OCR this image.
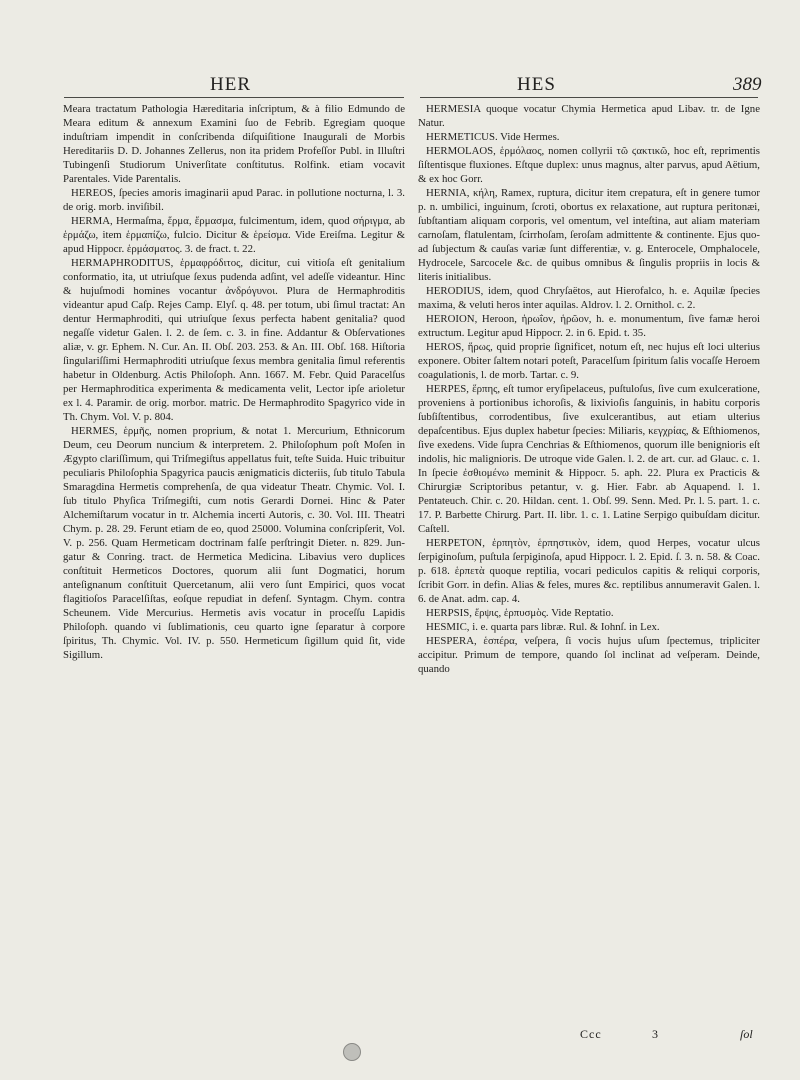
HER	HES	389

Meara tractatum Pathologia Hæreditaria inſcriptum, & à filio Edmundo de Meara editum & annexum Examini ſuo de Febrib. Egregiam quoque induſtriam impendit in conſcribenda diſquiſitione Inaugurali de Morbis Hereditariis D. D. Johannes Zellerus, non ita pridem Profeſſor Publ. in Illuſtri Tubingenſi Studiorum Univerſitate conſtitutus. Rolfink. etiam vocavit Parentales. Vide Parentalis.

HEREOS, ſpecies amoris imaginarii apud Parac. in pollutione nocturna, l. 3. de orig. morb. inviſibil.

HERMA, Hermaſma, ἕρμα, ἕρμασμα, fulcimentum, idem, quod σήριγμα, ab ἑρμάζω, item ἑρμαπίζω, fulcio. Dicitur & ἑρείσμα. Vide Ereiſma. Legitur & apud Hippocr. ἑρμάσματος. 3. de fract. t. 22.

HERMAPHRODITUS, ἑρμαφρόδιτος, dicitur, cui vitioſa eſt genitalium conformatio, ita, ut utriuſque ſexus pudenda adſint, vel adeſſe videantur. Hinc & hujuſmodi homines vocantur ἀνδρόγυνοι. Plura de Hermaphroditis videantur apud Caſp. Rejes Camp. Elyſ. q. 48. per totum, ubi ſimul tractat: An dentur Hermaphroditi, qui utriuſque ſexus perfecta habent genitalia? quod negaſſe videtur Galen. l. 2. de ſem. c. 3. in fine. Addantur & Obſervationes aliæ, v. gr. Ephem. N. Cur. An. II. Obſ. 203. 253. & An. III. Obſ. 168. Hiſtoria ſingulariſſimi Hermaphroditi utriuſque ſexus membra genitalia ſimul referentis habetur in Oldenburg. Actis Philoſoph. Ann. 1667. M. Febr. Quid Paracelſus per Hermaphroditica experimenta & medicamenta velit, Lector ipſe arioletur ex l. 4. Paramir. de orig. morbor. matric. De Hermaphrodito Spagyrico vide in Th. Chym. Vol. V. p. 804.

HERMES, ἑρμῆς, nomen proprium, & notat 1. Mercurium, Ethnicorum Deum, ceu Deorum nuncium & interpretem. 2. Philoſophum poſt Moſen in Ægypto clariſſimum, qui Triſmegiſtus appellatus fuit, teſte Suida. Huic tribuitur peculiaris Philoſophia Spagyrica paucis ænigmaticis dicteriis, ſub titulo Tabula Smaragdina Hermetis comprehenſa, de qua videatur Theatr. Chymic. Vol. I. ſub titulo Phyſica Triſmegiſti, cum notis Gerardi Dornei. Hinc & Pater Alchemiſtarum vocatur in tr. Alchemia incerti Autoris, c. 30. Vol. III. Theatri Chym. p. 28. 29. Ferunt etiam de eo, quod 25000. Volumina conſcripſerit, Vol. V. p. 256. Quam Hermeticam doctrinam falſe perſtringit Dieter. n. 829. Jungatur & Conring. tract. de Hermetica Medicina. Libavius vero duplices conſtituit Hermeticos Doctores, quorum alii ſunt Dogmatici, horum anteſignanum conſtituit Quercetanum, alii vero ſunt Empirici, quos vocat flagitioſos Paracelſiſtas, eoſque repudiat in defenſ. Syntagm. Chym. contra Scheunem. Vide Mercurius. Hermetis avis vocatur in proceſſu Lapidis Philoſoph. quando vi ſublimationis, ceu quarto igne ſeparatur à corpore ſpiritus, Th. Chymic. Vol. IV. p. 550. Hermeticum ſigillum quid ſit, vide Sigillum.

HERMESIA quoque vocatur Chymia Hermetica apud Libav. tr. de Igne Natur.

HERMETICUS. Vide Hermes.

HERMOLAOS, ἑρμόλαος, nomen collyrii τῶ ϛακτικῶ, hoc eſt, reprimentis ſiſtentisque fluxiones. Eſtque duplex: unus magnus, alter parvus, apud Aëtium, & ex hoc Gorr.

HERNIA, κήλη, Ramex, ruptura, dicitur item crepatura, eſt in genere tumor p. n. umbilici, inguinum, ſcroti, obortus ex relaxatione, aut ruptura peritonæi, ſubſtantiam aliquam corporis, vel omentum, vel inteſtina, aut aliam materiam carnoſam, flatulentam, ſcirrhoſam, ſeroſam admittente & continente. Ejus quoad ſubjectum & cauſas variæ ſunt differentiæ, v. g. Enterocele, Omphalocele, Hydrocele, Sarcocele &c. de quibus omnibus & ſingulis propriis in locis & literis initialibus.

HERODIUS, idem, quod Chryſaëtos, aut Hierofalco, h. e. Aquilæ ſpecies maxima, & veluti heros inter aquilas. Aldrov. l. 2. Ornithol. c. 2.

HEROION, Heroon, ἡρωΐον, ἡρῶον, h. e. monumentum, ſive famæ heroi extructum. Legitur apud Hippocr. 2. in 6. Epid. t. 35.

HEROS, ἥρως, quid proprie ſignificet, notum eſt, nec hujus eſt loci ulterius exponere. Obiter ſaltem notari poteſt, Paracelſum ſpiritum ſalis vocaſſe Heroem coagulationis, l. de morb. Tartar. c. 9.

HERPES, ἕρπης, eſt tumor eryſipelaceus, puſtuloſus, ſive cum exulceratione, proveniens à portionibus ichoroſis, & lixivioſis ſanguinis, in habitu corporis ſubſiſtentibus, corrodentibus, ſive exulcerantibus, aut etiam ulterius depaſcentibus. Ejus duplex habetur ſpecies: Miliaris, κεγχρίας, & Eſthiomenos, ſive exedens. Vide ſupra Cenchrias & Eſthiomenos, quorum ille benignioris eſt indolis, hic malignioris. De utroque vide Galen. l. 2. de art. cur. ad Glauc. c. 1. In ſpecie ἐσθιομένω meminit & Hippocr. 5. aph. 22. Plura ex Practicis & Chirurgiæ Scriptoribus petantur, v. g. Hier. Fabr. ab Aquapend. l. 1. Pentateuch. Chir. c. 20. Hildan. cent. 1. Obſ. 99. Senn. Med. Pr. l. 5. part. 1. c. 17. P. Barbette Chirurg. Part. II. libr. 1. c. 1. Latine Serpigo quibuſdam dicitur. Caſtell.

HERPETON, ἑρπητὸν, ἑρπηστικὸν, idem, quod Herpes, vocatur ulcus ſerpiginoſum, puſtula ſerpiginoſa, apud Hippocr. l. 2. Epid. ſ. 3. n. 58. & Coac. p. 618. ἑρπετὰ quoque reptilia, vocari pediculos capitis & reliqui corporis, ſcribit Gorr. in defin. Alias & feles, mures &c. reptilibus annumeravit Galen. l. 6. de Anat. adm. cap. 4.

HERPSIS, ἕρψις, ἑρπυσμὸς. Vide Reptatio.

HESMIC, i. e. quarta pars libræ. Rul. & Iohnſ. in Lex.

HESPERA, ἑσπέρα, veſpera, ſi vocis hujus uſum ſpectemus, tripliciter accipitur. Primum de tempore, quando ſol inclinat ad veſperam. Deinde, quando

Ccc	3	ſol
